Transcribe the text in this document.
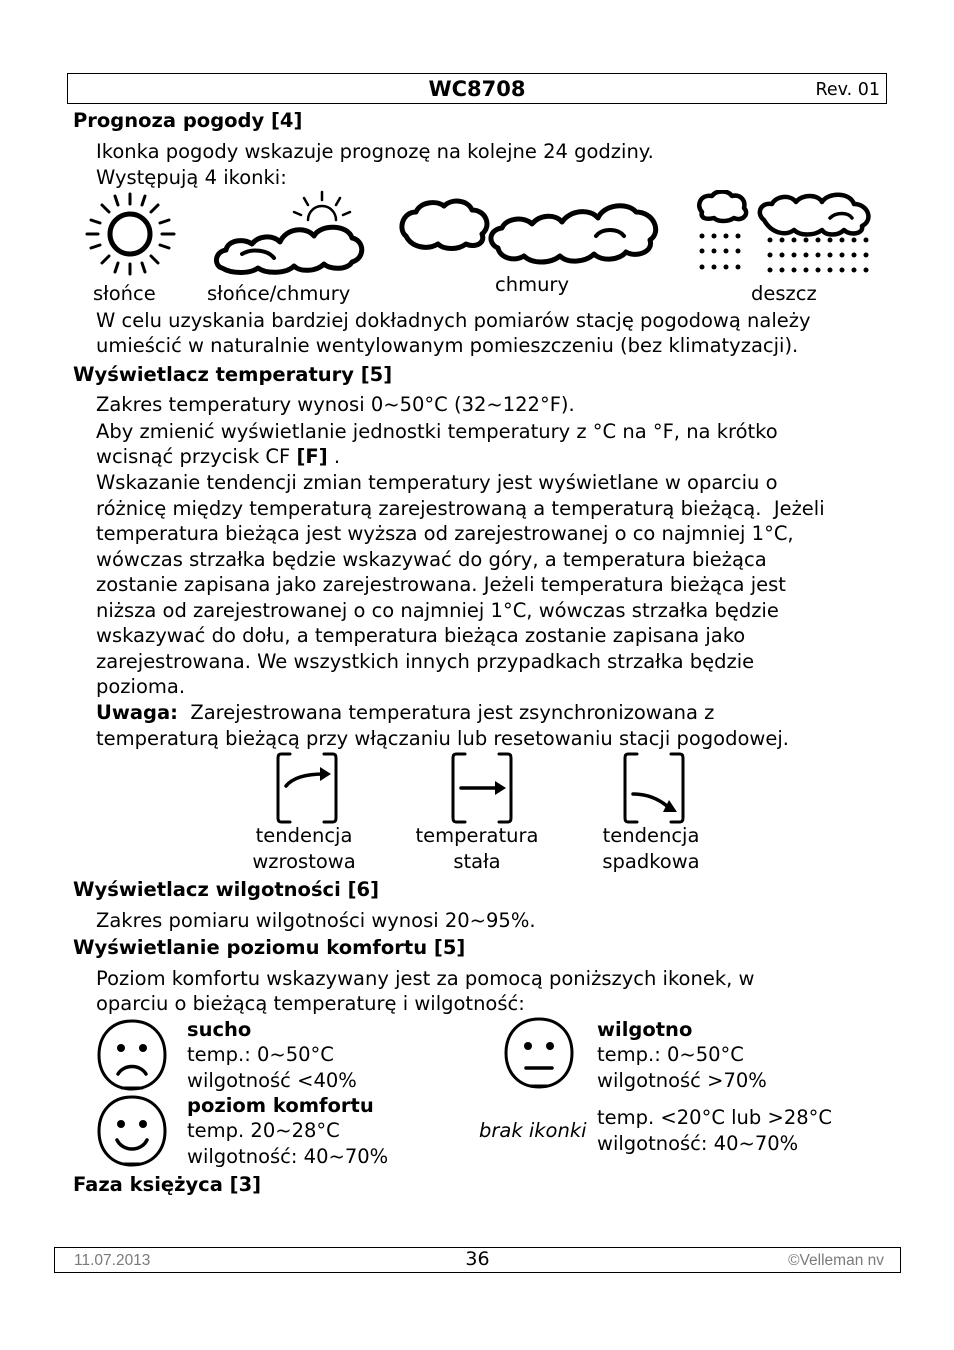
WC8708	Rev. 01
Prognoza pogody [4]
Ikonka pogody wskazuje prognozę na kolejne 24 godziny.
Występują 4 ikonki:
słońce	słońce/chmury	chmury	deszcz
W celu uzyskania bardziej dokładnych pomiarów stację pogodową należy
umieścić w naturalnie wentylowanym pomieszczeniu (bez klimatyzacji).
Wyświetlacz temperatury [5]
Zakres temperatury wynosi 0~50°C (32~122°F).
Aby zmienić wyświetlanie jednostki temperatury z °C na °F, na krótko
wcisnąć przycisk CF [F] .
Wskazanie tendencji zmian temperatury jest wyświetlane w oparciu o
różnicę między temperaturą zarejestrowaną a temperaturą bieżącą.  Jeżeli
temperatura bieżąca jest wyższa od zarejestrowanej o co najmniej 1°C,
wówczas strzałka będzie wskazywać do góry, a temperatura bieżąca
zostanie zapisana jako zarejestrowana. Jeżeli temperatura bieżąca jest
niższa od zarejestrowanej o co najmniej 1°C, wówczas strzałka będzie
wskazywać do dołu, a temperatura bieżąca zostanie zapisana jako
zarejestrowana. We wszystkich innych przypadkach strzałka będzie
pozioma.
Uwaga:  Zarejestrowana temperatura jest zsynchronizowana z
temperaturą bieżącą przy włączaniu lub resetowaniu stacji pogodowej.
tendencja
wzrostowa
temperatura
stała
tendencja
spadkowa
Wyświetlacz wilgotności [6]
Zakres pomiaru wilgotności wynosi 20~95%.
Wyświetlanie poziomu komfortu [5]
Poziom komfortu wskazywany jest za pomocą poniższych ikonek, w
oparciu o bieżącą temperaturę i wilgotność:
sucho
temp.: 0~50°C
wilgotność <40%
wilgotno
temp.: 0~50°C
wilgotność >70%
poziom komfortu
temp. 20~28°C
wilgotność: 40~70%
brak ikonki
temp. <20°C lub >28°C
wilgotność: 40~70%
Faza księżyca [3]
11.07.2013	36	©Velleman nv
